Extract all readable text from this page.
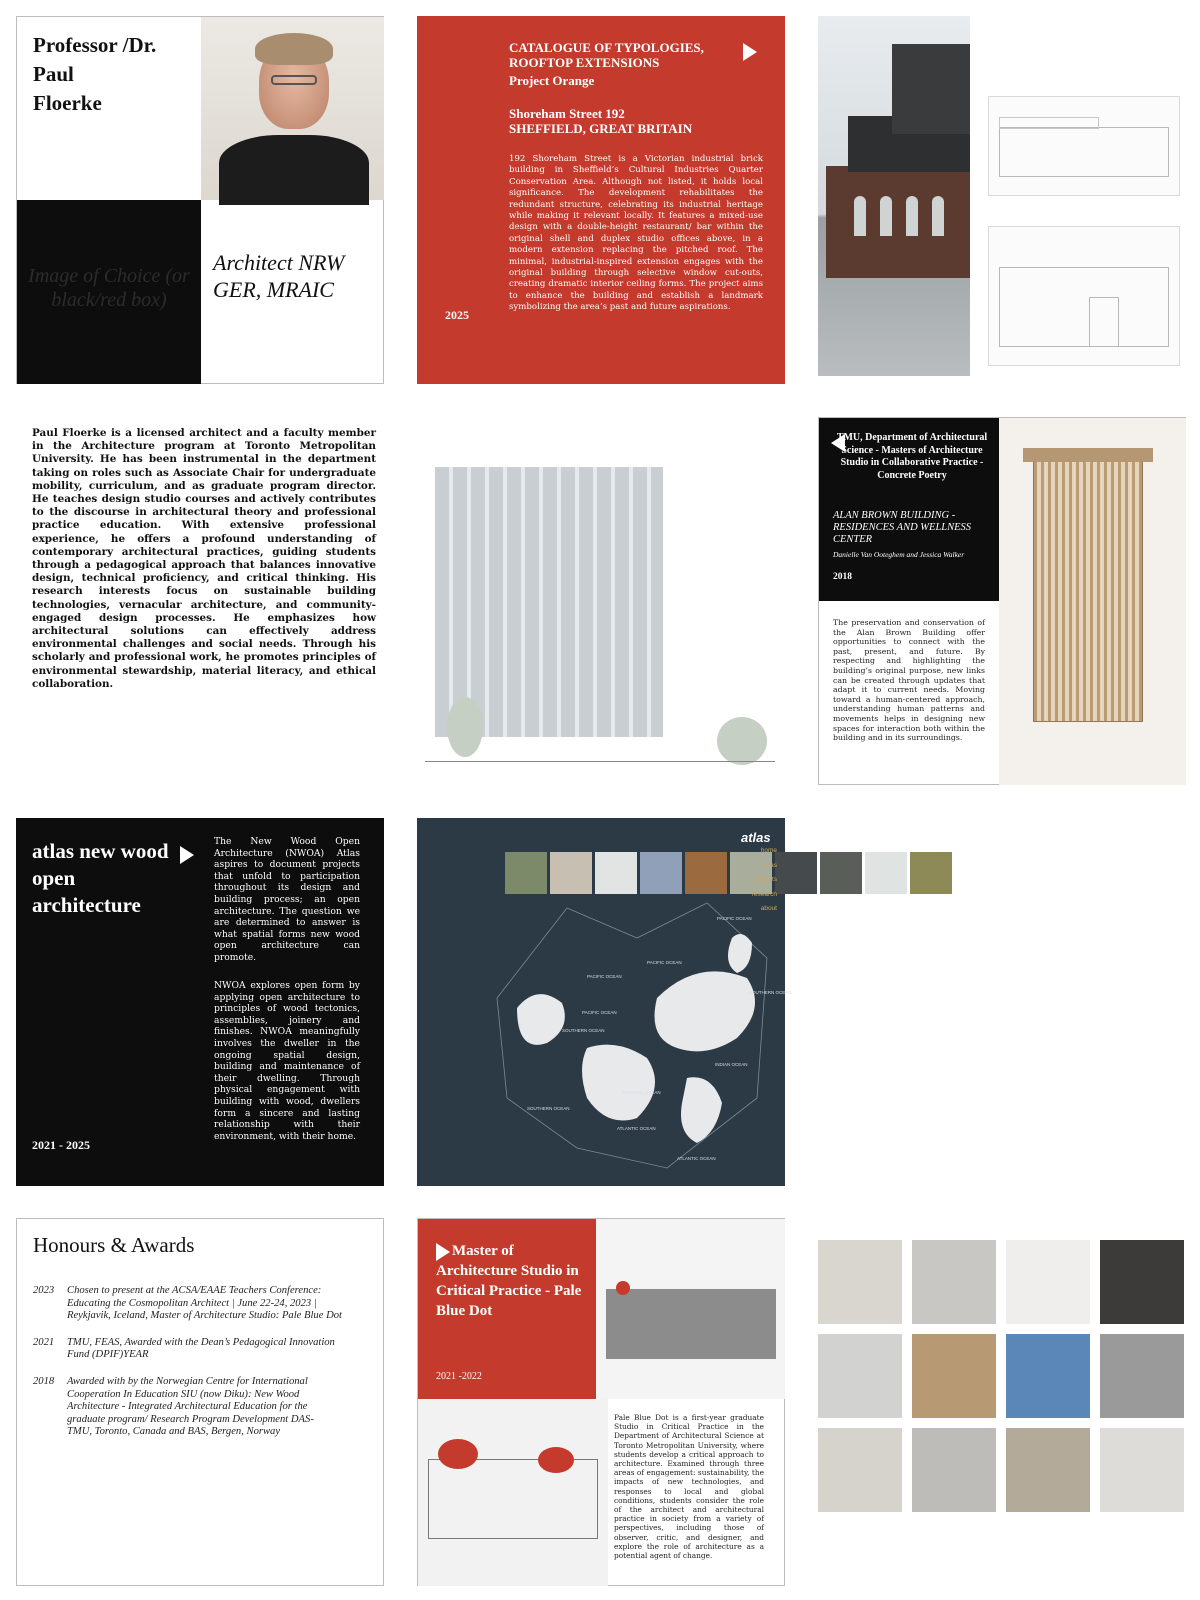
Professor /Dr.
Paul
Floerke
Image of Choice (or black/red box)
Architect NRW GER, MRAIC
CATALOGUE OF TYPOLOGIES, ROOFTOP EXTENSIONS
Project Orange
Shoreham Street 192
SHEFFIELD, GREAT BRITAIN
2025
192 Shoreham Street is a Victorian industrial brick building in Sheffield’s Cultural Industries Quarter Conservation Area. Although not listed, it holds local significance. The development rehabilitates the redundant structure, celebrating its industrial heritage while making it relevant locally. It features a mixed-use design with a double-height restaurant/ bar within the original shell and duplex studio offices above, in a modern extension replacing the pitched roof. The minimal, industrial-inspired extension engages with the original building through selective window cut-outs, creating dramatic interior ceiling forms. The project aims to enhance the building and establish a landmark symbolizing the area’s past and future aspirations.
Paul Floerke is a licensed architect and a faculty member in the Architecture program at Toronto Metropolitan University. He has been instrumental in the department taking on roles such as Associate Chair for undergraduate mobility, curriculum, and as graduate program director. He teaches design studio courses and actively contributes to the discourse in architectural theory and professional practice education. With extensive professional experience, he offers a profound understanding of contemporary architectural practices, guiding students through a pedagogical approach that balances innovative design, technical proficiency, and critical thinking. His research interests focus on sustainable building technologies, vernacular architecture, and community-engaged design processes. He emphasizes how architectural solutions can effectively address environmental challenges and social needs. Through his scholarly and professional work, he promotes principles of environmental stewardship, material literacy, and ethical collaboration.
TMU, Department of Architectural Science - Masters of Architecture Studio in Collaborative Practice - Concrete Poetry
ALAN BROWN BUILDING - RESIDENCES AND WELLNESS CENTER
Danielle Van Ooteghem and Jessica Walker
2018
The preservation and conservation of the Alan Brown Building offer opportunities to connect with the past, present, and future. By respecting and highlighting the building’s original purpose, new links can be created through updates that adapt it to current needs. Moving toward a human-centered approach, understanding human patterns and movements helps in designing new spaces for interaction both within the building and in its surroundings.
atlas new wood open architecture
2021 - 2025
The New Wood Open Architecture (NWOA) Atlas aspires to document projects that unfold to participation throughout its design and building process; an open architecture. The question we are determined to answer is what spatial forms new wood open architecture can promote.
NWOA explores open form by applying open architecture to principles of wood tectonics, assemblies, joinery and finishes. NWOA meaningfully involves the dweller in the ongoing spatial design, building and maintenance of their dwelling. Through physical engagement with building with wood, dwellers form a sincere and lasting relationship with their environment, with their home.
atlas
home
atlas
projects
research
about
PACIFIC OCEAN
PACIFIC OCEAN
PACIFIC OCEAN
PACIFIC OCEAN
SOUTHERN OCEAN
SOUTHERN OCEAN
SOUTHERN OCEAN
ATLANTIC OCEAN
ATLANTIC OCEAN
ATLANTIC OCEAN
INDIAN OCEAN
Honours & Awards
2023	Chosen to present at the ACSA/EAAE Teachers Conference: Educating the Cosmopolitan Architect | June 22-24, 2023 | Reykjavik, Iceland, Master of Architecture Studio: Pale Blue Dot
2021	TMU, FEAS, Awarded with the Dean’s Pedagogical Innovation Fund (DPIF)YEAR
2018	Awarded with by the Norwegian Centre for International Cooperation In Education SIU (now Diku): New Wood Architecture - Integrated Architectural Education for the graduate program/ Research Program Development DAS-TMU, Toronto, Canada and BAS, Bergen, Norway
Master of Architecture Studio in Critical Practice - Pale Blue Dot
2021 -2022
Pale Blue Dot is a first-year graduate Studio in Critical Practice in the Department of Architectural Science at Toronto Metropolitan University, where students develop a critical approach to architecture. Examined through three areas of engagement: sustainability, the impacts of new technologies, and responses to local and global conditions, students consider the role of the architect and architectural practice in society from a variety of perspectives, including those of observer, critic, and designer, and explore the role of architecture as a potential agent of change.
